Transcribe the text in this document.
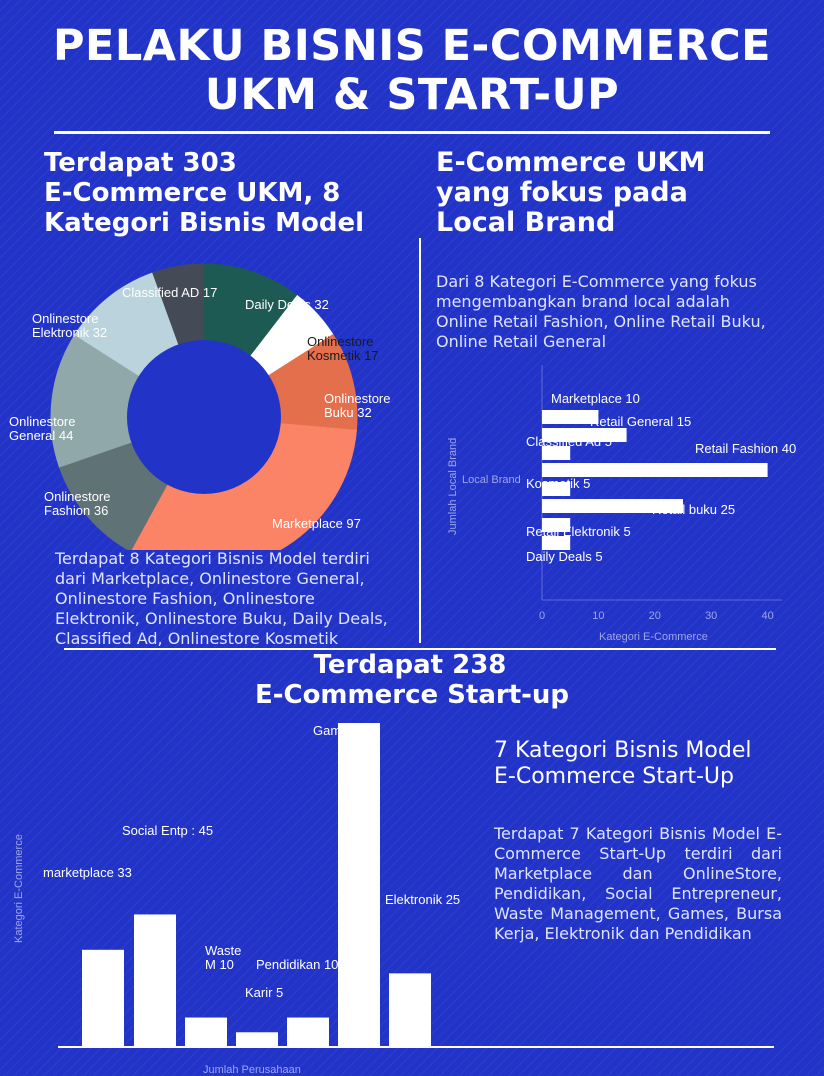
PELAKU BISNIS E-COMMERCE
UKM & START-UP
Terdapat 303
E-Commerce UKM, 8
Kategori Bisnis Model
E-Commerce UKM
yang fokus pada
Local Brand
Classified AD 17
Daily Deals 32
Onlinestore
Kosmetik 17
Onlinestore
Buku 32
Marketplace 97
Onlinestore
Fashion 36
Onlinestore
General 44
Onlinestore
Elektronik 32
Terdapat 8 Kategori Bisnis Model terdiri dari Marketplace, Onlinestore General, Onlinestore Fashion, Onlinestore Elektronik, Onlinestore Buku, Daily Deals, Classified Ad, Onlinestore Kosmetik
Dari 8 Kategori E-Commerce yang fokus mengembangkan brand local adalah Online Retail Fashion, Online Retail Buku, Online Retail General
Jumlah Local Brand Local Brand
0	10	20	30	40
Marketplace 10
Retail General 15
Classified Ad 5	Retail Fashion 40
Kosmetik 5
Retail buku 25
Retail Elektronik 5
Daily Deals 5
Kategori E-Commerce
Terdapat 238
E-Commerce Start-up
7 Kategori Bisnis Model
E-Commerce Start-Up
Terdapat 7 Kategori Bisnis Model E-Commerce Start-Up terdiri dari Marketplace dan OnlineStore, Pendidikan, Social Entrepreneur, Waste Management, Games, Bursa Kerja, Elektronik dan Pendidikan
Kategori E-Commerce marketplace 33
Social Entp : 45
Waste
M 10
Karir 5
Pendidikan 10
Games 110
Elektronik 25
Jumlah Perusahaan
